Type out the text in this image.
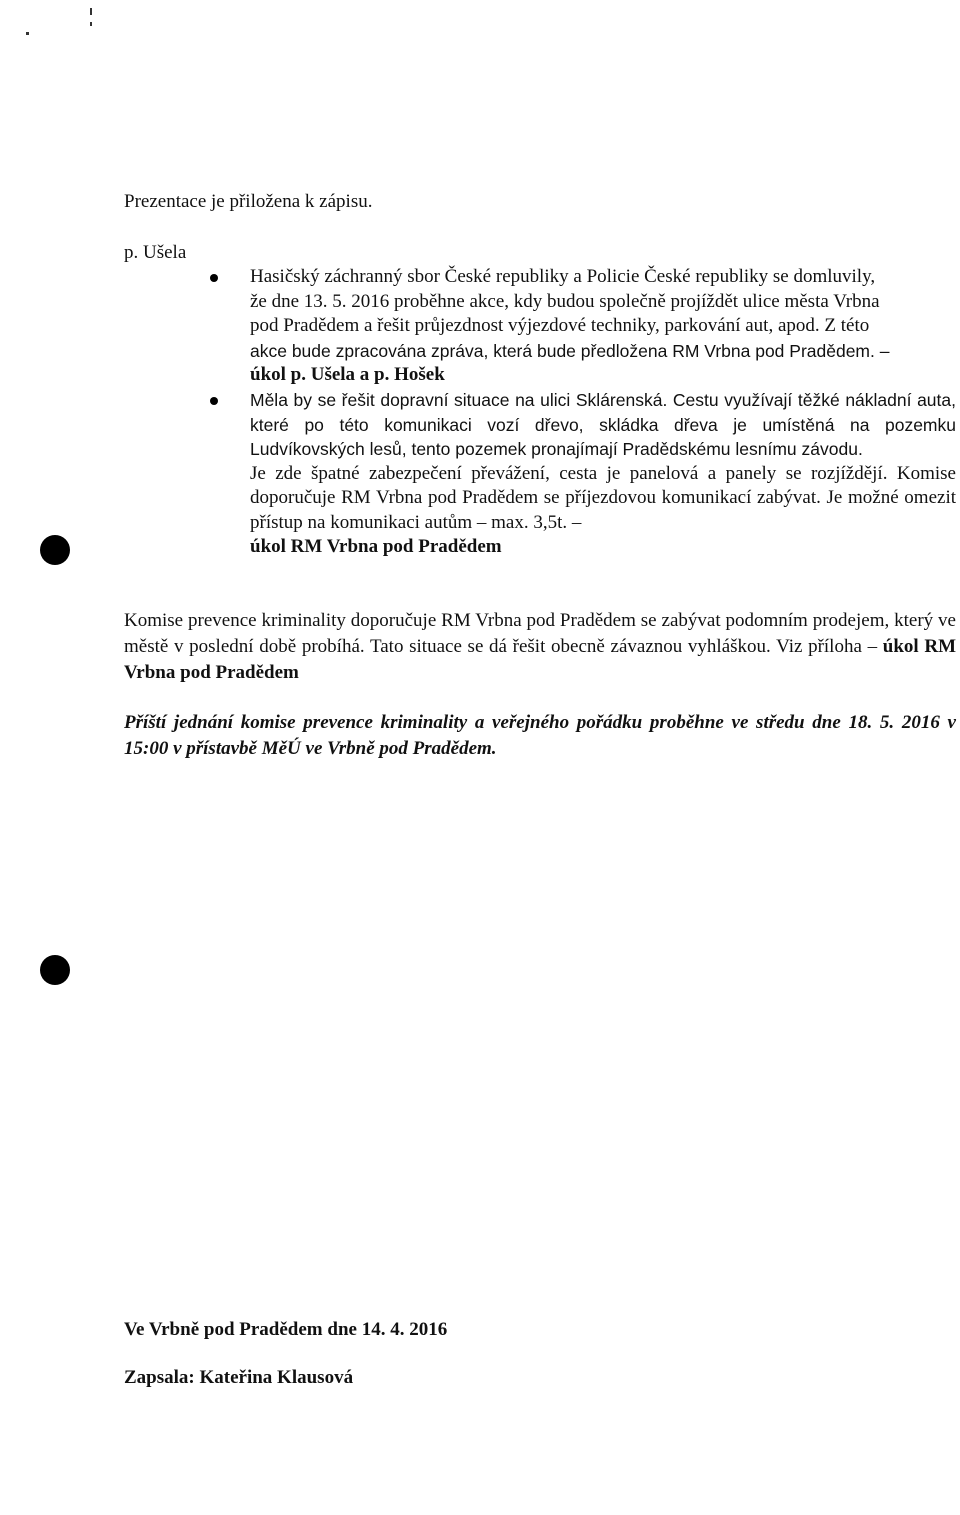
Prezentace je přiložena k zápisu.

p. Ušela

Hasičský záchranný sbor České republiky a Policie České republiky se domluvily,
že dne 13. 5. 2016 proběhne akce, kdy budou společně projíždět ulice města Vrbna
pod Pradědem a řešit průjezdnost výjezdové techniky, parkování aut, apod. Z této
akce bude zpracována zpráva, která bude předložena RM Vrbna pod Pradědem. –
úkol p. Ušela a p. Hošek
Měla by se řešit dopravní situace na ulici Sklárenská. Cestu využívají těžké nákladní auta, které po této komunikaci vozí dřevo, skládka dřeva je umístěná na pozemku Ludvíkovských lesů, tento pozemek pronajímají Pradědskému lesnímu závodu.
Je zde špatné zabezpečení převážení, cesta je panelová a panely se rozjíždějí. Komise doporučuje RM Vrbna pod Pradědem se příjezdovou komunikací zabývat. Je možné omezit přístup na komunikaci autům – max. 3,5t. –
úkol RM Vrbna pod Pradědem

Komise prevence kriminality doporučuje RM Vrbna pod Pradědem se zabývat podomním prodejem, který ve městě v poslední době probíhá. Tato situace se dá řešit obecně závaznou vyhláškou. Viz příloha – úkol RM Vrbna pod Pradědem

Příští jednání komise prevence kriminality a veřejného pořádku proběhne ve středu dne 18. 5. 2016 v 15:00 v přístavbě MěÚ ve Vrbně pod Pradědem.

Ve Vrbně pod Pradědem dne 14. 4. 2016

Zapsala: Kateřina Klausová
